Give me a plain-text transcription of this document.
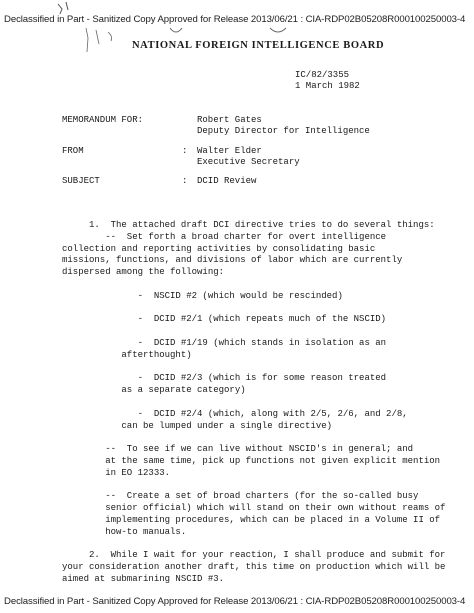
Declassified in Part - Sanitized Copy Approved for Release 2013/06/21 : CIA-RDP02B05208R000100250003-4
NATIONAL FOREIGN INTELLIGENCE BOARD
IC/82/3355
1 March 1982
MEMORANDUM FOR:	Robert Gates
Deputy Director for Intelligence
FROM	: Walter Elder
Executive Secretary
SUBJECT	: DCID Review
1.  The attached draft DCI directive tries to do several things:
--  Set forth a broad charter for overt intelligence
collection and reporting activities by consolidating basic
missions, functions, and divisions of labor which are currently
dispersed among the following:
-  NSCID #2 (which would be rescinded)
-  DCID #2/1 (which repeats much of the NSCID)
-  DCID #1/19 (which stands in isolation as an
afterthought)
-  DCID #2/3 (which is for some reason treated
as a separate category)
-  DCID #2/4 (which, along with 2/5, 2/6, and 2/8,
can be lumped under a single directive)
--  To see if we can live without NSCID's in general; and
at the same time, pick up functions not given explicit mention
in EO 12333.
--  Create a set of broad charters (for the so-called busy
senior official) which will stand on their own without reams of
implementing procedures, which can be placed in a Volume II of
how-to manuals.
2.  While I wait for your reaction, I shall produce and submit for
your consideration another draft, this time on production which will be
aimed at submarining NSCID #3.
Declassified in Part - Sanitized Copy Approved for Release 2013/06/21 : CIA-RDP02B05208R000100250003-4
